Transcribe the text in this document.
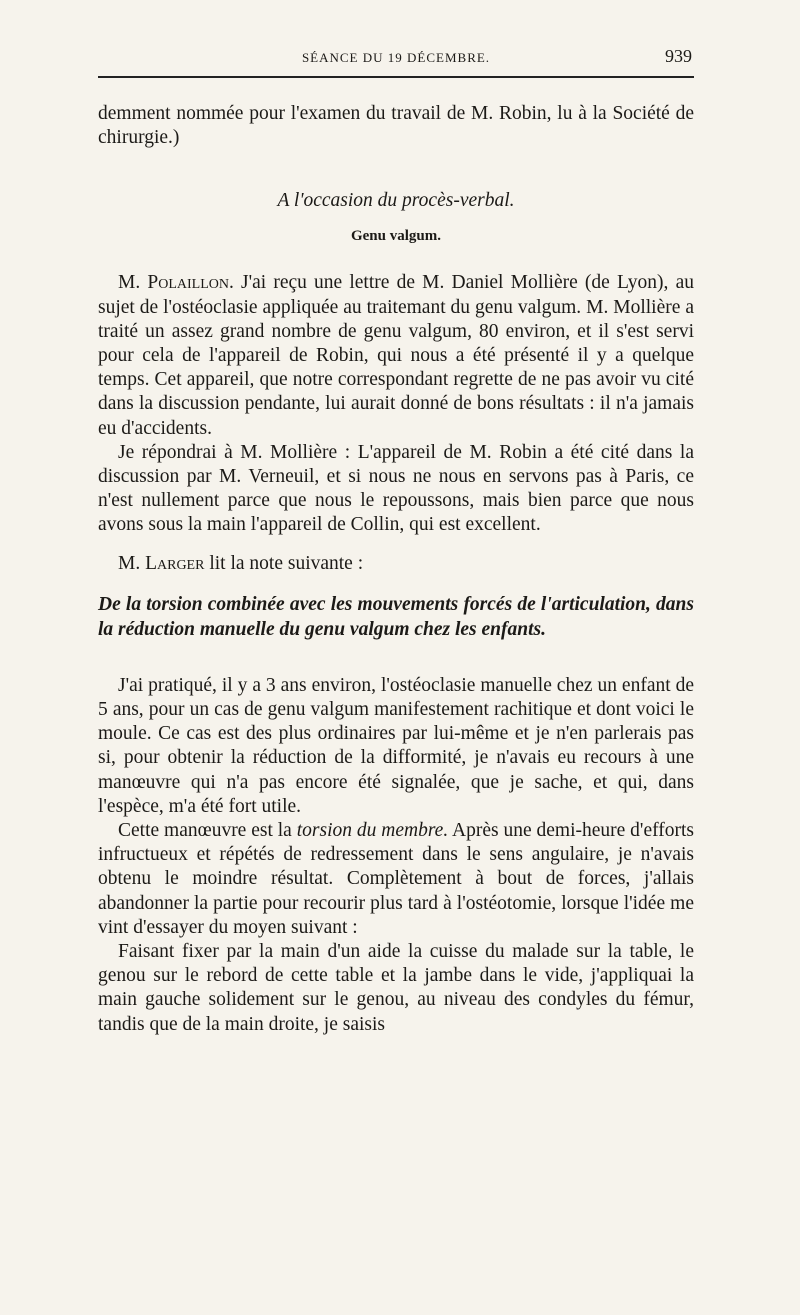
SÉANCE DU 19 DÉCEMBRE.	939

demment nommée pour l'examen du travail de M. Robin, lu à la Société de chirurgie.)

A l'occasion du procès-verbal.
Genu valgum.

M. Polaillon. J'ai reçu une lettre de M. Daniel Mollière (de Lyon), au sujet de l'ostéoclasie appliquée au traitemant du genu valgum. M. Mollière a traité un assez grand nombre de genu valgum, 80 environ, et il s'est servi pour cela de l'appareil de Robin, qui nous a été présenté il y a quelque temps. Cet appareil, que notre correspondant regrette de ne pas avoir vu cité dans la discussion pendante, lui aurait donné de bons résultats : il n'a jamais eu d'accidents.

Je répondrai à M. Mollière : L'appareil de M. Robin a été cité dans la discussion par M. Verneuil, et si nous ne nous en servons pas à Paris, ce n'est nullement parce que nous le repoussons, mais bien parce que nous avons sous la main l'appareil de Collin, qui est excellent.

M. Larger lit la note suivante :

De la torsion combinée avec les mouvements forcés de l'articulation, dans la réduction manuelle du genu valgum chez les enfants.

J'ai pratiqué, il y a 3 ans environ, l'ostéoclasie manuelle chez un enfant de 5 ans, pour un cas de genu valgum manifestement rachitique et dont voici le moule. Ce cas est des plus ordinaires par lui-même et je n'en parlerais pas si, pour obtenir la réduction de la difformité, je n'avais eu recours à une manœuvre qui n'a pas encore été signalée, que je sache, et qui, dans l'espèce, m'a été fort utile.

Cette manœuvre est la torsion du membre. Après une demi-heure d'efforts infructueux et répétés de redressement dans le sens angulaire, je n'avais obtenu le moindre résultat. Complètement à bout de forces, j'allais abandonner la partie pour recourir plus tard à l'ostéotomie, lorsque l'idée me vint d'essayer du moyen suivant :

Faisant fixer par la main d'un aide la cuisse du malade sur la table, le genou sur le rebord de cette table et la jambe dans le vide, j'appliquai la main gauche solidement sur le genou, au niveau des condyles du fémur, tandis que de la main droite, je saisis
